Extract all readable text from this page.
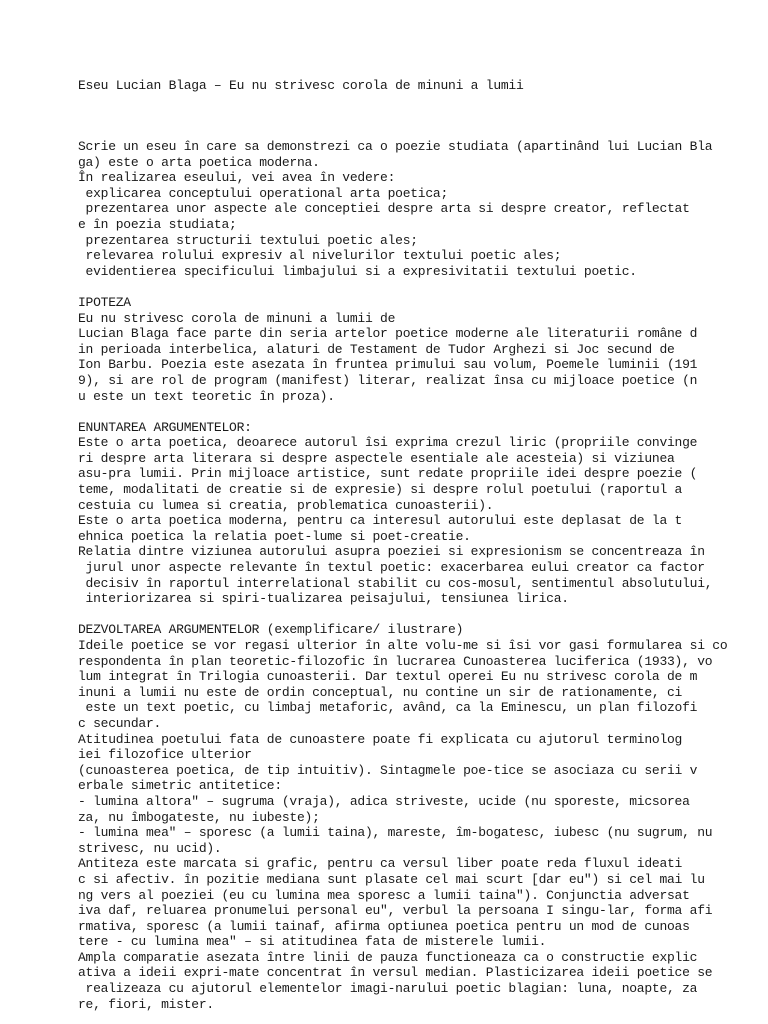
Eseu Lucian Blaga – Eu nu strivesc corola de minuni a lumii
Scrie un eseu în care sa demonstrezi ca o poezie studiata (apartinând lui Lucian Bla
ga) este o arta poetica moderna.
În realizarea eseului, vei avea în vedere:
explicarea conceptului operational arta poetica;
prezentarea unor aspecte ale conceptiei despre arta si despre creator, reflectat
e în poezia studiata;
prezentarea structurii textului poetic ales;
relevarea rolului expresiv al nivelurilor textului poetic ales;
evidentierea specificului limbajului si a expresivitatii textului poetic.
IPOTEZA
Eu nu strivesc corola de minuni a lumii de
Lucian Blaga face parte din seria artelor poetice moderne ale literaturii române d
in perioada interbelica, alaturi de Testament de Tudor Arghezi si Joc secund de
Ion Barbu. Poezia este asezata în fruntea primului sau volum, Poemele luminii (191
9), si are rol de program (manifest) literar, realizat însa cu mijloace poetice (n
u este un text teoretic în proza).
ENUNTAREA ARGUMENTELOR:
Este o arta poetica, deoarece autorul îsi exprima crezul liric (propriile convinge
ri despre arta literara si despre aspectele esentiale ale acesteia) si viziunea
asu-pra lumii. Prin mijloace artistice, sunt redate propriile idei despre poezie (
teme, modalitati de creatie si de expresie) si despre rolul poetului (raportul a
cestuia cu lumea si creatia, problematica cunoasterii).
Este o arta poetica moderna, pentru ca interesul autorului este deplasat de la t
ehnica poetica la relatia poet-lume si poet-creatie.
Relatia dintre viziunea autorului asupra poeziei si expresionism se concentreaza în
jurul unor aspecte relevante în textul poetic: exacerbarea eului creator ca factor
decisiv în raportul interrelational stabilit cu cos-mosul, sentimentul absolutului,
interiorizarea si spiri-tualizarea peisajului, tensiunea lirica.
DEZVOLTAREA ARGUMENTELOR (exemplificare/ ilustrare)
Ideile poetice se vor regasi ulterior în alte volu-me si îsi vor gasi formularea si co
respondenta în plan teoretic-filozofic în lucrarea Cunoasterea luciferica (1933), vo
lum integrat în Trilogia cunoasterii. Dar textul operei Eu nu strivesc corola de m
inuni a lumii nu este de ordin conceptual, nu contine un sir de rationamente, ci
este un text poetic, cu limbaj metaforic, având, ca la Eminescu, un plan filozofi
c secundar.
Atitudinea poetului fata de cunoastere poate fi explicata cu ajutorul terminolog
iei filozofice ulterior
(cunoasterea poetica, de tip intuitiv). Sintagmele poe-tice se asociaza cu serii v
erbale simetric antitetice:
- lumina altora" – sugruma (vraja), adica striveste, ucide (nu sporeste, micsorea
za, nu îmbogateste, nu iubeste);
- lumina mea" – sporesc (a lumii taina), mareste, îm-bogatesc, iubesc (nu sugrum, nu
strivesc, nu ucid).
Antiteza este marcata si grafic, pentru ca versul liber poate reda fluxul ideati
c si afectiv. în pozitie mediana sunt plasate cel mai scurt [dar eu") si cel mai lu
ng vers al poeziei (eu cu lumina mea sporesc a lumii taina"). Conjunctia adversat
iva daf, reluarea pronumelui personal eu", verbul la persoana I singu-lar, forma afi
rmativa, sporesc (a lumii tainaf, afirma optiunea poetica pentru un mod de cunoas
tere - cu lumina mea" – si atitudinea fata de misterele lumii.
Ampla comparatie asezata între linii de pauza functioneaza ca o constructie explic
ativa a ideii expri-mate concentrat în versul median. Plasticizarea ideii poetice se
realizeaza cu ajutorul elementelor imagi-narului poetic blagian: luna, noapte, za
re, fiori, mister.
